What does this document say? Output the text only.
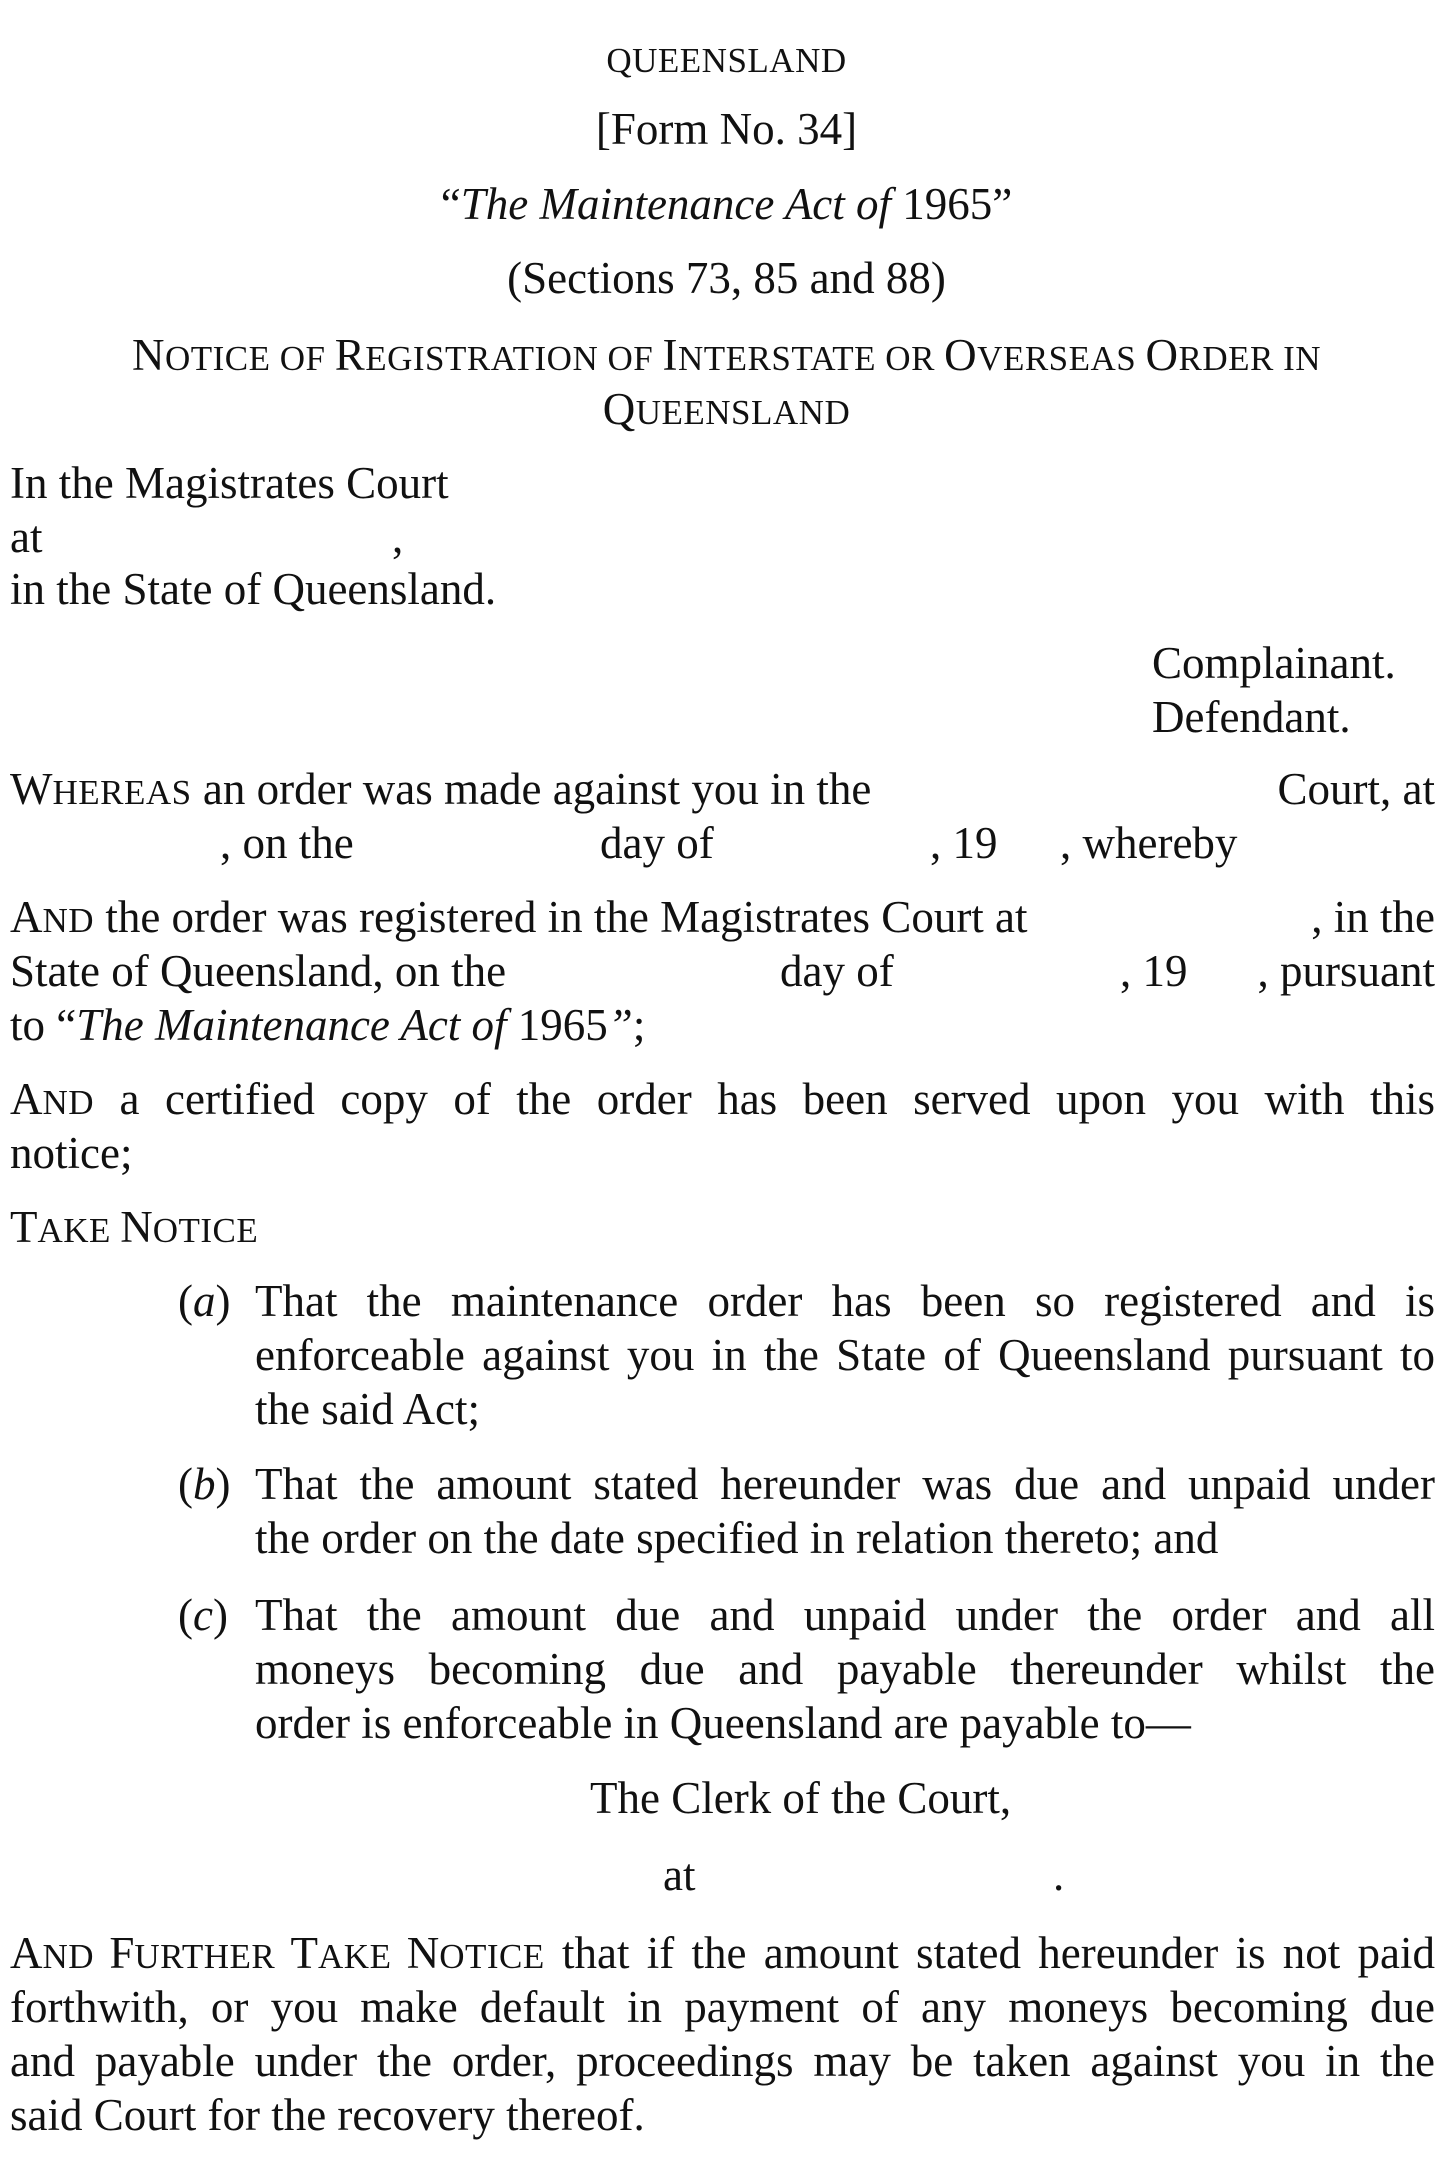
QUEENSLAND
[Form No. 34]
“The Maintenance Act of 1965”
(Sections 73, 85 and 88)
NOTICE OF REGISTRATION OF INTERSTATE OR OVERSEAS ORDER IN
QUEENSLAND
In the Magistrates Court
at	,
in the State of Queensland.
Complainant.
Defendant.
WHEREAS an order was made against you in the	Court, at
, on the	day of	, 19 , whereby
AND the order was registered in the Magistrates Court at	, in the
State of Queensland, on the	day of	, 19 , pursuant
to “The Maintenance Act of 1965”;
AND a certified copy of the order has been served upon you with this
notice;
TAKE NOTICE
(a) That the maintenance order has been so registered and is
enforceable against you in the State of Queensland pursuant to
the said Act;
(b) That the amount stated hereunder was due and unpaid under
the order on the date specified in relation thereto; and
(c) That the amount due and unpaid under the order and all
moneys becoming due and payable thereunder whilst the
order is enforceable in Queensland are payable to—
The Clerk of the Court,
at	.
AND FURTHER TAKE NOTICE that if the amount stated hereunder is not paid
forthwith, or you make default in payment of any moneys becoming due
and payable under the order, proceedings may be taken against you in the
said Court for the recovery thereof.
